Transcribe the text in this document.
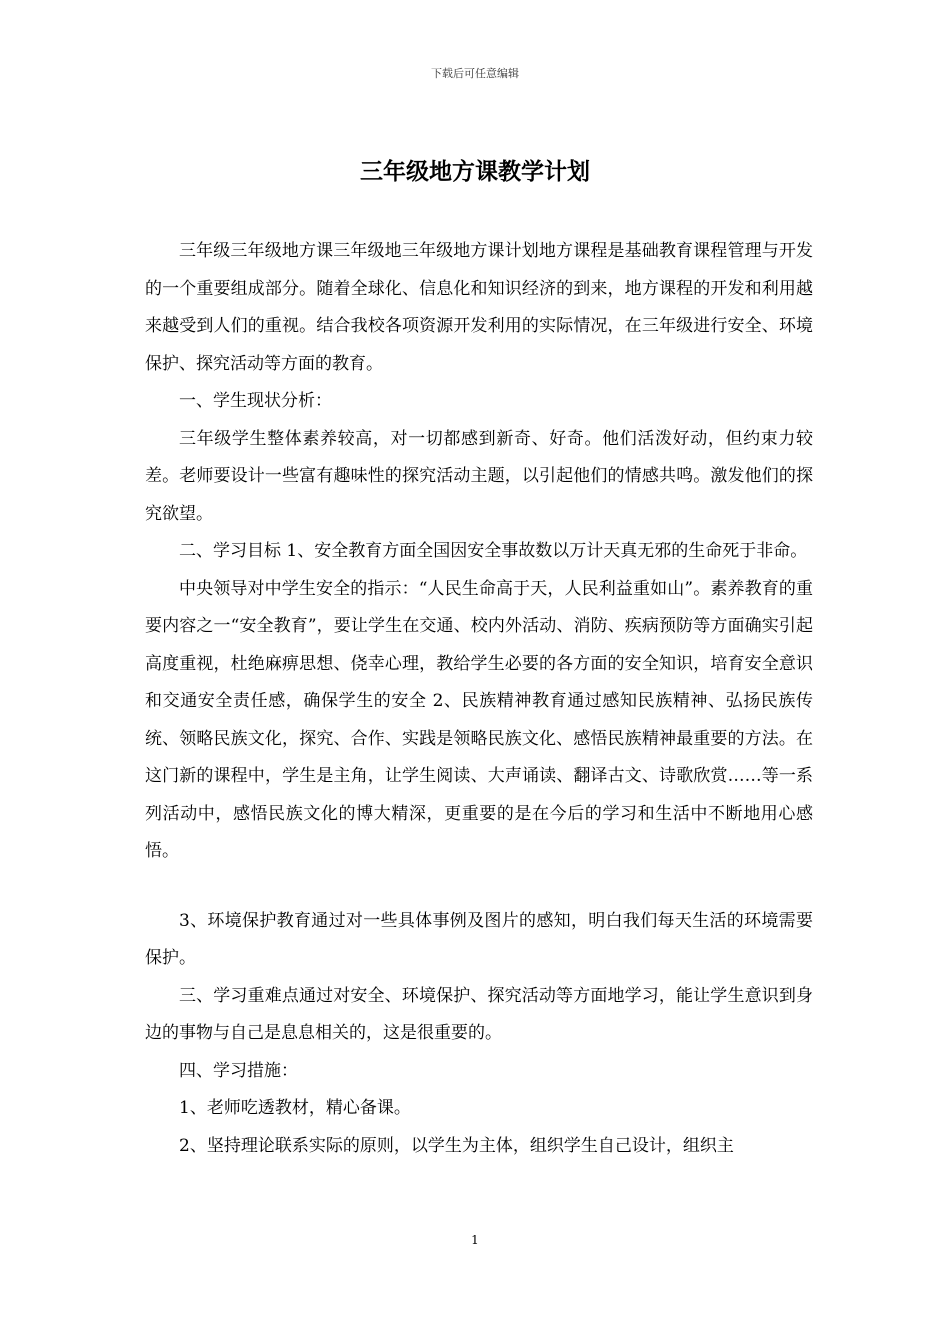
下载后可任意编辑
三年级地方课教学计划

三年级三年级地方课三年级地三年级地方课计划地方课程是基础教育课程管理与开发的一个重要组成部分。随着全球化、信息化和知识经济的到来，地方课程的开发和利用越来越受到人们的重视。结合我校各项资源开发利用的实际情况，在三年级进行安全、环境保护、探究活动等方面的教育。

一、学生现状分析：

三年级学生整体素养较高，对一切都感到新奇、好奇。他们活泼好动，但约束力较差。老师要设计一些富有趣味性的探究活动主题，以引起他们的情感共鸣。激发他们的探究欲望。

二、学习目标 1、安全教育方面全国因安全事故数以万计天真无邪的生命死于非命。

中央领导对中学生安全的指示：“人民生命高于天，人民利益重如山”。素养教育的重要内容之一“安全教育”，要让学生在交通、校内外活动、消防、疾病预防等方面确实引起高度重视，杜绝麻痹思想、侥幸心理，教给学生必要的各方面的安全知识，培育安全意识和交通安全责任感，确保学生的安全 2、民族精神教育通过感知民族精神、弘扬民族传统、领略民族文化，探究、合作、实践是领略民族文化、感悟民族精神最重要的方法。在这门新的课程中，学生是主角，让学生阅读、大声诵读、翻译古文、诗歌欣赏……等一系列活动中，感悟民族文化的博大精深，更重要的是在今后的学习和生活中不断地用心感悟。

3、环境保护教育通过对一些具体事例及图片的感知，明白我们每天生活的环境需要保护。

三、学习重难点通过对安全、环境保护、探究活动等方面地学习，能让学生意识到身边的事物与自己是息息相关的，这是很重要的。

四、学习措施：

1、老师吃透教材，精心备课。

2、坚持理论联系实际的原则，以学生为主体，组织学生自己设计，组织主

1
